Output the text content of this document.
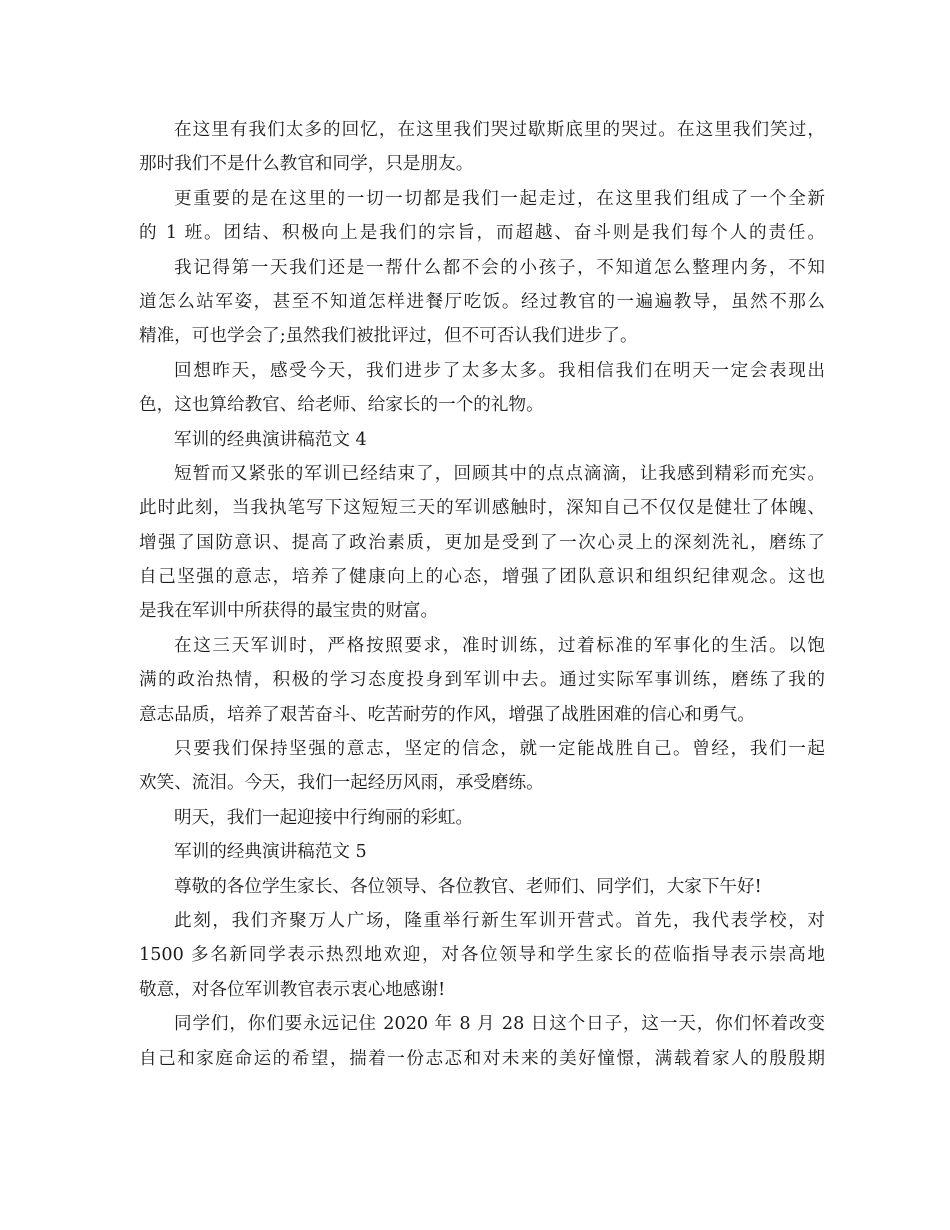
在这里有我们太多的回忆，在这里我们哭过歇斯底里的哭过。在这里我们笑过，
那时我们不是什么教官和同学，只是朋友。
更重要的是在这里的一切一切都是我们一起走过，在这里我们组成了一个全新
的 1 班。团结、积极向上是我们的宗旨，而超越、奋斗则是我们每个人的责任。
我记得第一天我们还是一帮什么都不会的小孩子，不知道怎么整理内务，不知
道怎么站军姿，甚至不知道怎样进餐厅吃饭。经过教官的一遍遍教导，虽然不那么
精准，可也学会了;虽然我们被批评过，但不可否认我们进步了。
回想昨天，感受今天，我们进步了太多太多。我相信我们在明天一定会表现出
色，这也算给教官、给老师、给家长的一个的礼物。
军训的经典演讲稿范文 4
短暂而又紧张的军训已经结束了，回顾其中的点点滴滴，让我感到精彩而充实。
此时此刻，当我执笔写下这短短三天的军训感触时，深知自己不仅仅是健壮了体魄、
增强了国防意识、提高了政治素质，更加是受到了一次心灵上的深刻洗礼，磨练了
自己坚强的意志，培养了健康向上的心态，增强了团队意识和组织纪律观念。这也
是我在军训中所获得的最宝贵的财富。
在这三天军训时，严格按照要求，准时训练，过着标准的军事化的生活。以饱
满的政治热情，积极的学习态度投身到军训中去。通过实际军事训练，磨练了我的
意志品质，培养了艰苦奋斗、吃苦耐劳的作风，增强了战胜困难的信心和勇气。
只要我们保持坚强的意志，坚定的信念，就一定能战胜自己。曾经，我们一起
欢笑、流泪。今天，我们一起经历风雨，承受磨练。
明天，我们一起迎接中行绚丽的彩虹。
军训的经典演讲稿范文 5
尊敬的各位学生家长、各位领导、各位教官、老师们、同学们，大家下午好!
此刻，我们齐聚万人广场，隆重举行新生军训开营式。首先，我代表学校，对
1500 多名新同学表示热烈地欢迎，对各位领导和学生家长的莅临指导表示崇高地
敬意，对各位军训教官表示衷心地感谢!
同学们，你们要永远记住 2020 年 8 月 28 日这个日子，这一天，你们怀着改变
自己和家庭命运的希望，揣着一份志忑和对未来的美好憧憬，满载着家人的殷殷期
